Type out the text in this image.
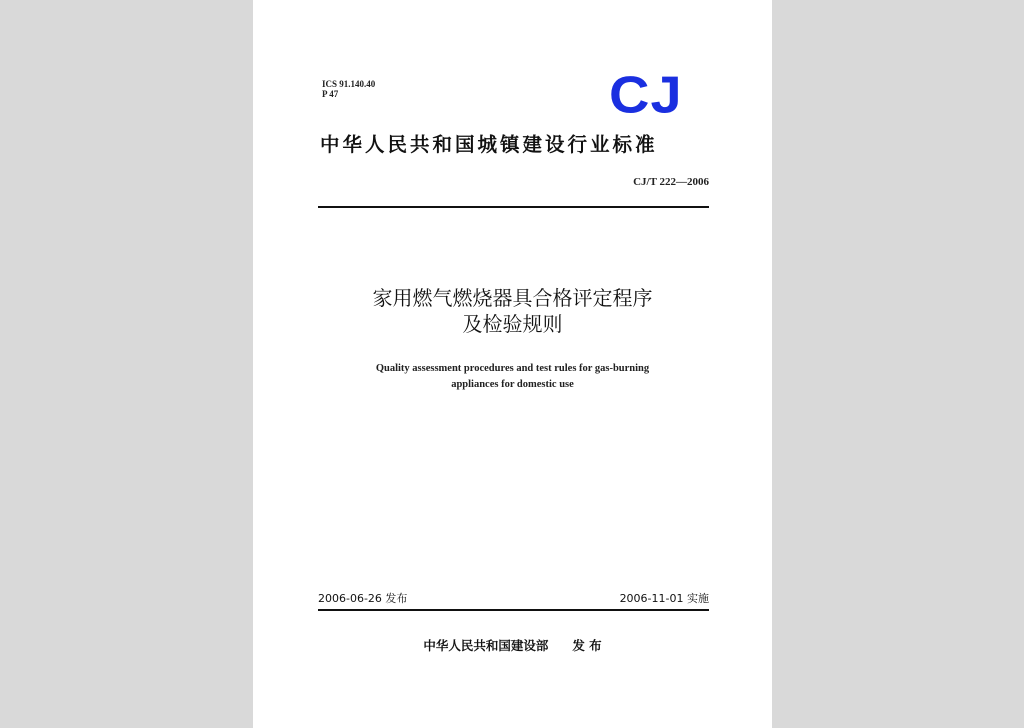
ICS 91.140.40
P 47	CJ
中华人民共和国城镇建设行业标准
CJ/T 222—2006
家用燃气燃烧器具合格评定程序
及检验规则
Quality assessment procedures and test rules for gas-burning
appliances for domestic use
2006-06-26 发布	2006-11-01 实施
中华人民共和国建设部 发 布
